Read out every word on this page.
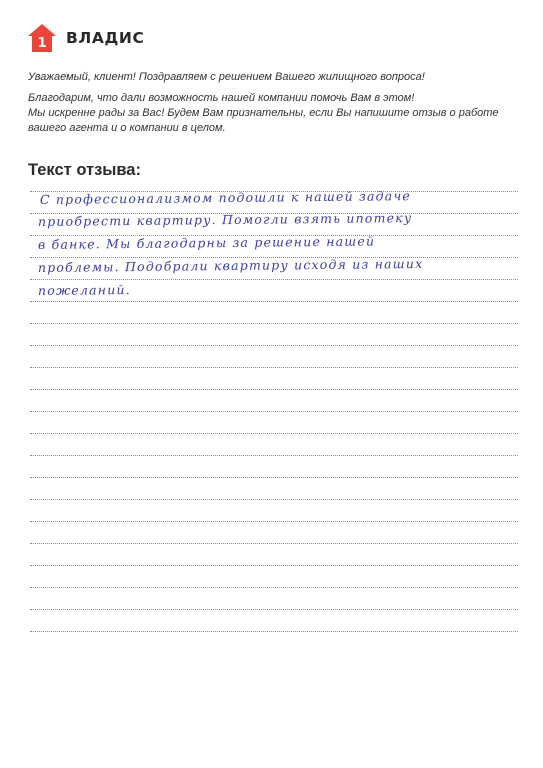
1 ВЛАДИС

Уважаемый, клиент! Поздравляем с решением Вашего жилищного вопроса!

Благодарим, что дали возможность нашей компании помочь Вам в этом!

Мы искренне рады за Вас! Будем Вам признательны, если Вы напишите отзыв о работе

вашего агента и о компании в целом.

Текст отзыва:
С профессионализмом подошли к нашей задаче
приобрести квартиру. Помогли взять ипотеку
в банке. Мы благодарны за решение нашей
проблемы. Подобрали квартиру исходя из наших
пожеланий.
